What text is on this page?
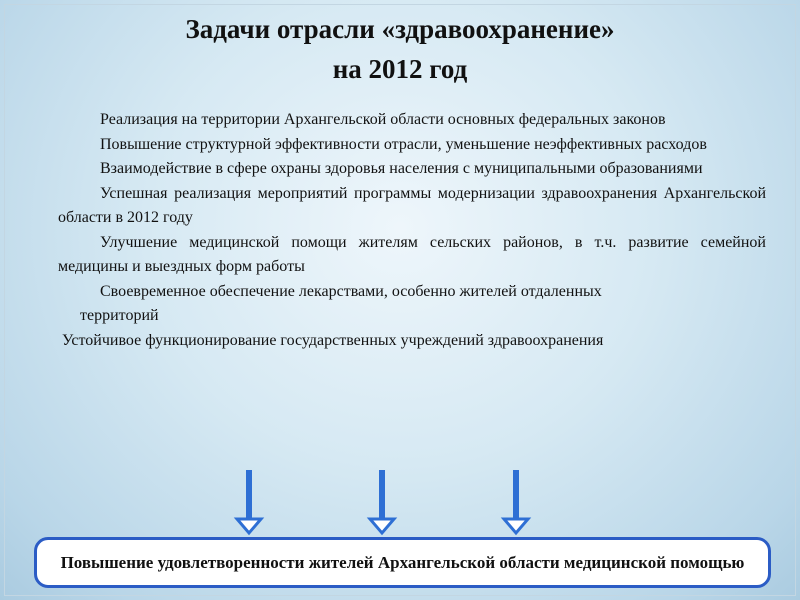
Задачи отрасли «здравоохранение»
на 2012 год

Реализация на территории Архангельской области основных федеральных законов

Повышение структурной эффективности отрасли, уменьшение неэффективных расходов

Взаимодействие в сфере охраны здоровья населения с муниципальными образованиями

Успешная реализация мероприятий программы модернизации здравоохранения Архангельской области в 2012 году

Улучшение медицинской помощи жителям сельских районов, в т.ч. развитие семейной медицины и выездных форм работы

Своевременное обеспечение лекарствами, особенно жителей отдаленных

территорий

Устойчивое функционирование государственных учреждений здравоохранения

Повышение удовлетворенности жителей Архангельской области медицинской помощью
